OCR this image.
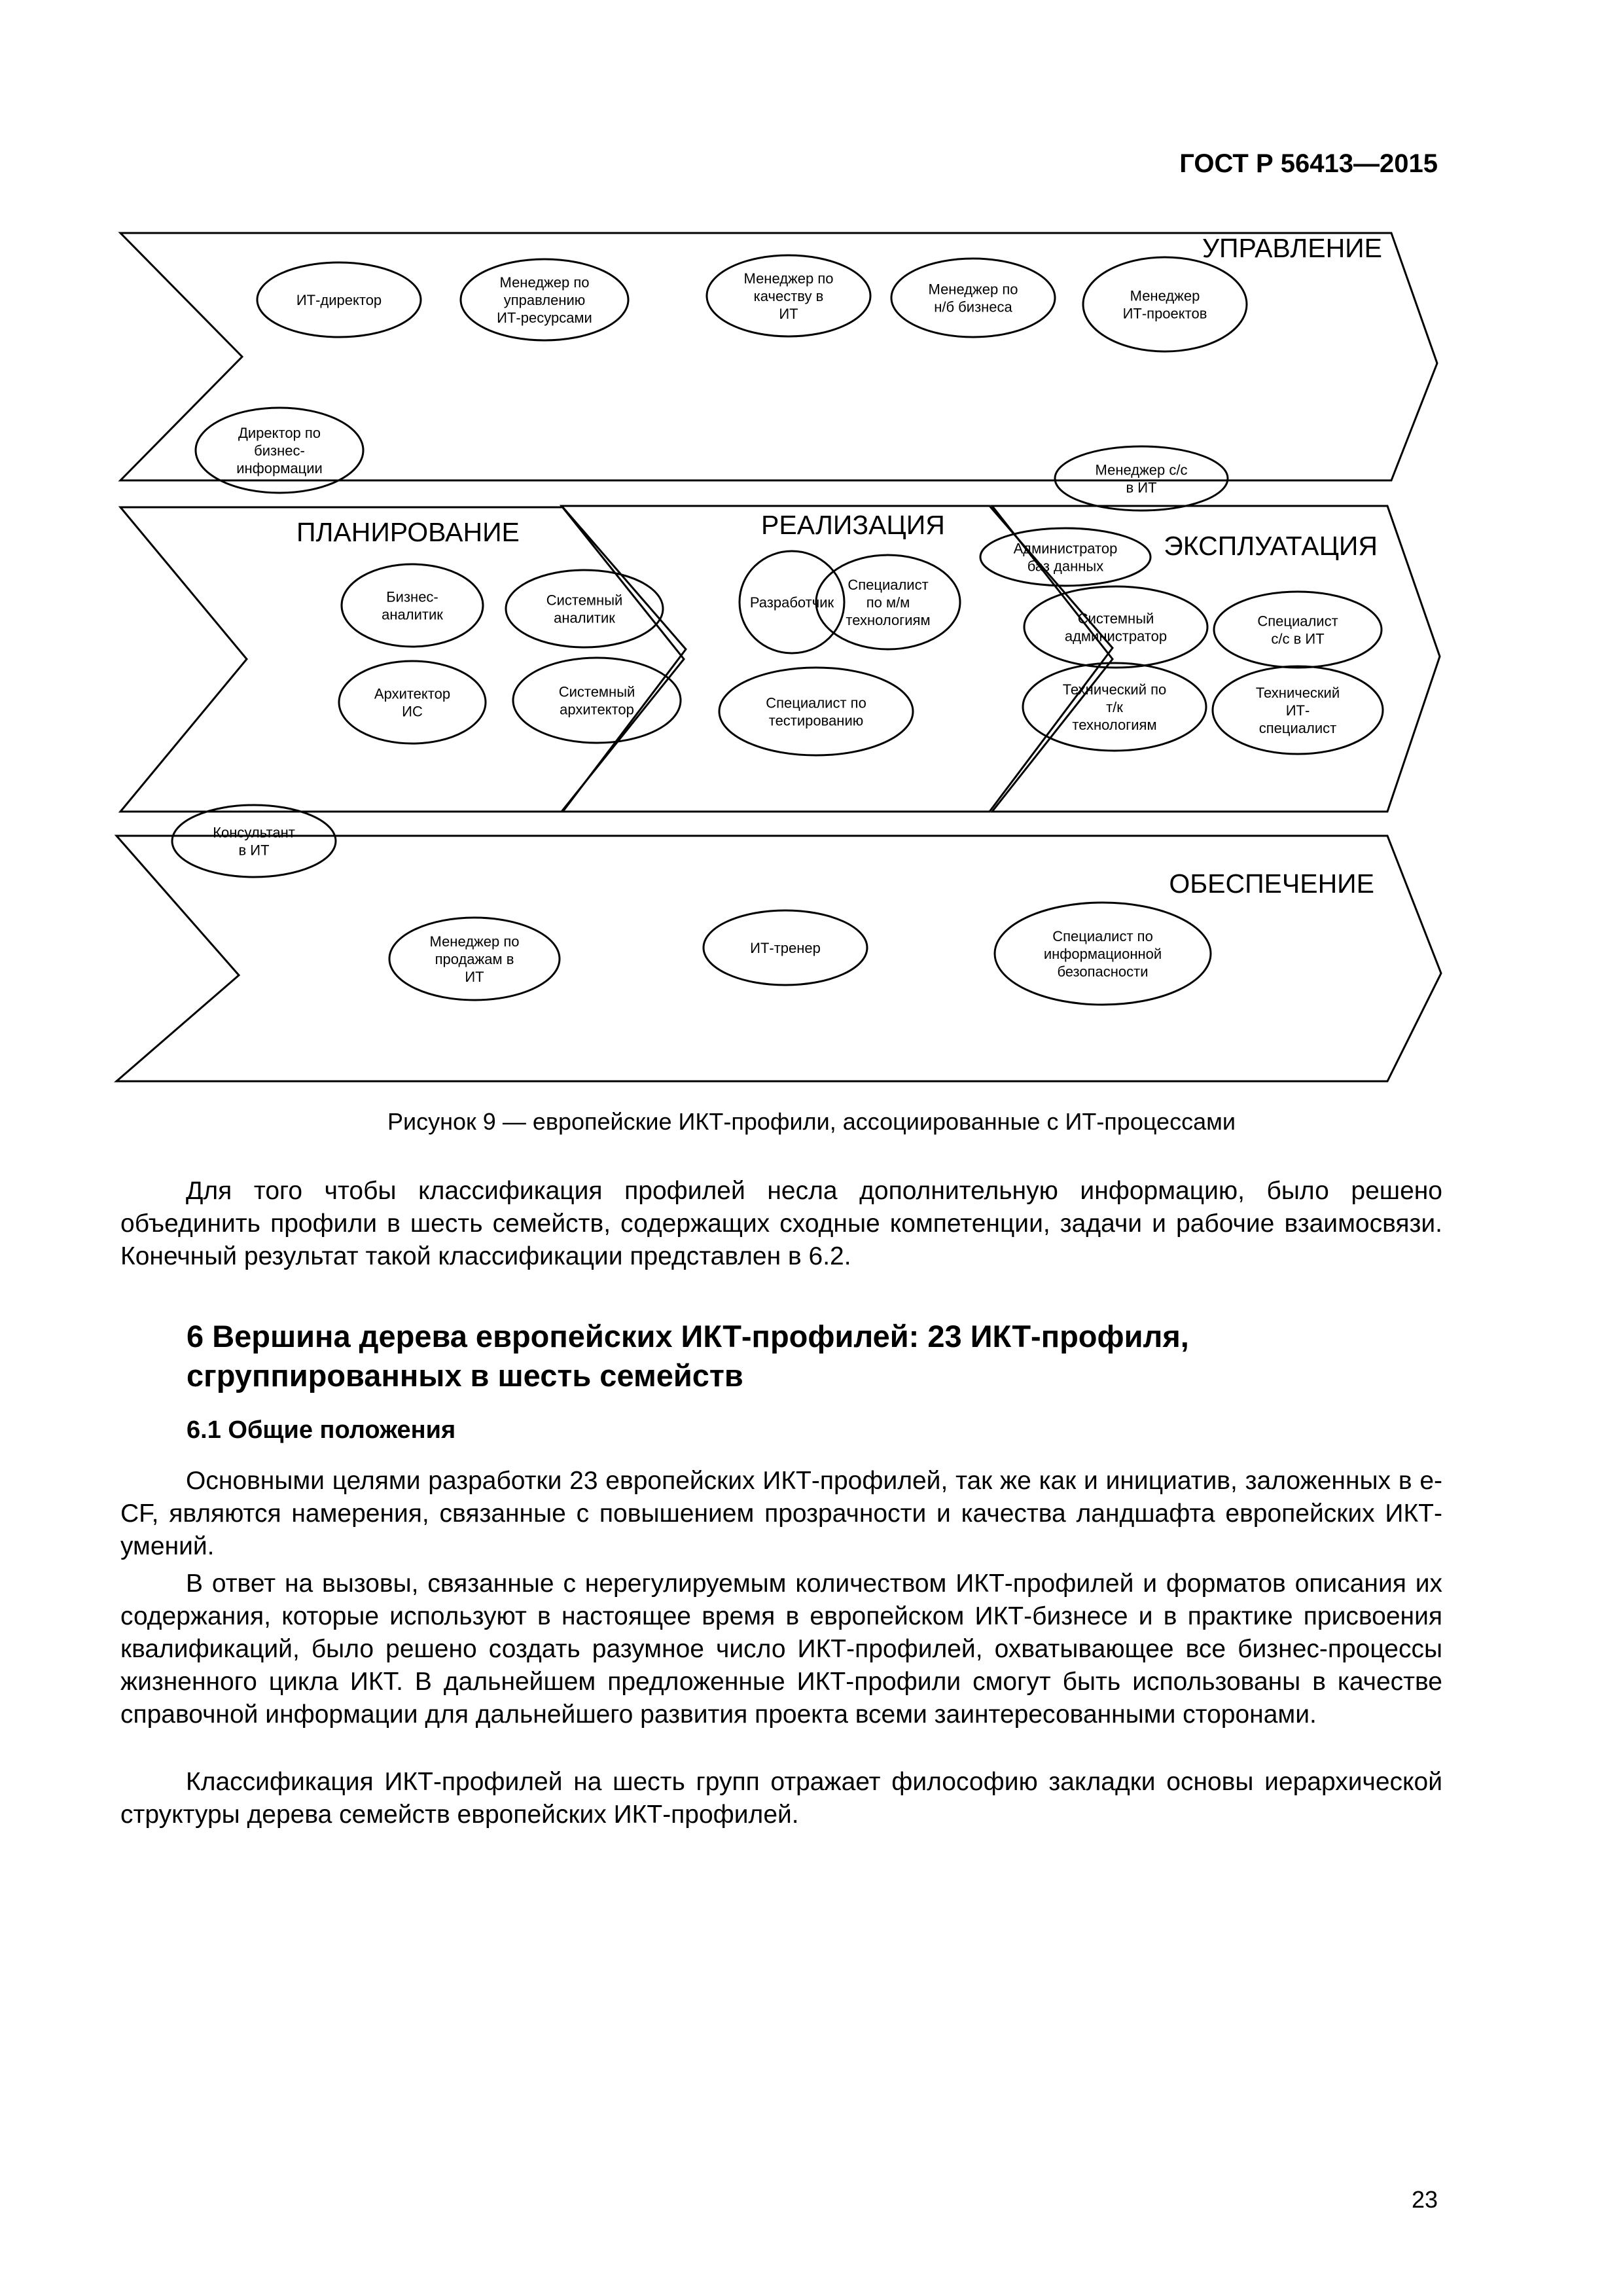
ГОСТ Р 56413—2015
УПРАВЛЕНИЕ
ПЛАНИРОВАНИЕ	РЕАЛИЗАЦИЯ
ЭКСПЛУАТАЦИЯ
ОБЕСПЕЧЕНИЕ
ИТ-директор
Менеджер по
управлению
ИТ-ресурсами
Менеджер по
качеству в
ИТ
Менеджер по
н/б бизнеса
Менеджер
ИТ-проектов
Директор по
бизнес-
информации	Менеджер с/с
в ИТ
Бизнес-
аналитик
Системный
аналитик
Архитектор
ИС
Системный
архитектор
Разработчик
Специалист
по м/м
технологиям
Специалист по
тестированию
Администратор
баз данных
Системный
администратор
Специалист
с/с в ИТ
Технический по
т/к
технологиям
Технический
ИТ-
специалист
Консультант
в ИТ
Менеджер по
продажам в
ИТ
ИТ-тренер
Специалист по
информационной
безопасности
Рисунок 9 — европейские ИКТ-профили, ассоциированные с ИТ-процессами

Для того чтобы классификация профилей несла дополнительную информацию, было решено объединить профили в шесть семейств, содержащих сходные компетенции, задачи и рабочие взаимосвязи. Конечный результат такой классификации представлен в 6.2.

6 Вершина дерева европейских ИКТ-профилей: 23 ИКТ-профиля, сгруппированных в шесть семейств
6.1 Общие положения

Основными целями разработки 23 европейских ИКТ-профилей, так же как и инициатив, заложенных в e-CF, являются намерения, связанные с повышением прозрачности и качества ландшафта европейских ИКТ-умений.

В ответ на вызовы, связанные с нерегулируемым количеством ИКТ-профилей и форматов описания их содержания, которые используют в настоящее время в европейском ИКТ-бизнесе и в практике присвоения квалификаций, было решено создать разумное число ИКТ-профилей, охватывающее все бизнес-процессы жизненного цикла ИКТ. В дальнейшем предложенные ИКТ-профили смогут быть использованы в качестве справочной информации для дальнейшего развития проекта всеми заинтересованными сторонами.

Классификация ИКТ-профилей на шесть групп отражает философию закладки основы иерархической структуры дерева семейств европейских ИКТ-профилей.

23
